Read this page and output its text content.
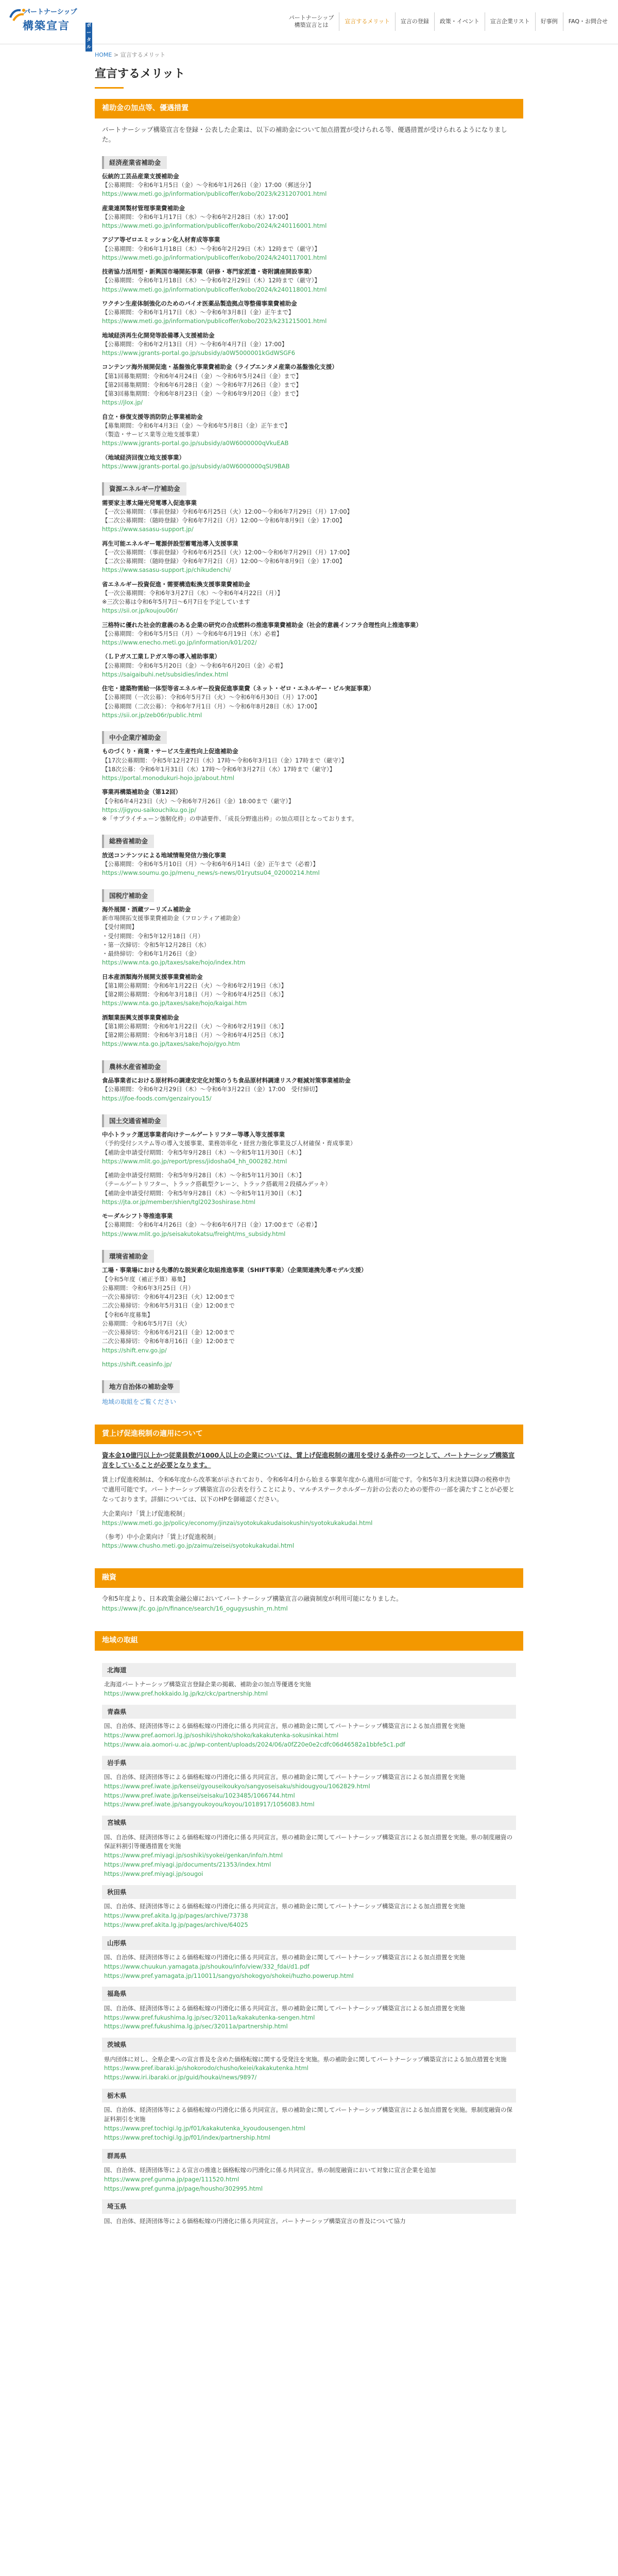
パートナーシップ
構築宣言	ポータル
パートナーシップ
構築宣言とは
宣言するメリット	宣言の登録	政策・イベント	宣言企業リスト	好事例	FAQ・お問合せ
HOME > 宣言するメリット
宣言するメリット
補助金の加点等、優遇措置

パートナーシップ構築宣言を登録・公表した企業は、以下の補助金について加点措置が受けられる等、優遇措置が受けられるようになりました。

経済産業省補助金
伝統的工芸品産業支援補助金
【公募期間：令和6年1月5日（金）～令和6年1月26日（金）17:00（郵送分）】
https://www.meti.go.jp/information/publicoffer/kobo/2023/k231207001.html
産業連関製材管理事業費補助金
【公募期間：令和6年1月17日（水）～令和6年2月28日（水）17:00】
https://www.meti.go.jp/information/publicoffer/kobo/2024/k240116001.html
アジア等ゼロエミッション化人材育成等事業
【公募期間：令和6年1月18日（木）～令和6年2月29日（木）12時まで（厳守）】
https://www.meti.go.jp/information/publicoffer/kobo/2024/k240117001.html
技術協力活用型・新興国市場開拓事業（研修・専門家派遣・寄附講座開設事業）
【公募期間：令和6年1月18日（木）～令和6年2月29日（木）12時まで（厳守）】
https://www.meti.go.jp/information/publicoffer/kobo/2024/k240118001.html
ワクチン生産体制強化のためのバイオ医薬品製造拠点等整備事業費補助金
【公募期間：令和6年1月17日（水）～令和6年3月8日（金）正午まで】
https://www.meti.go.jp/information/publicoffer/kobo/2023/k231215001.html
地域経済再生化開発等設備導入支援補助金
【公募期間：令和6年2月13日（月）～令和6年4月7日（金）17:00】
https://www.jgrants-portal.go.jp/subsidy/a0W5000001kGdWSGF6
コンテンツ海外展開促進・基盤強化事業費補助金（ライブエンタメ産業の基盤強化支援）
【第1回募集期間：令和6年4月24日（金）～令和6年5月24日（金）まで】
【第2回募集期間：令和6年6月28日（金）～令和6年7月26日（金）まで】
【第3回募集期間：令和6年8月23日（金）～令和6年9月20日（金）まで】
https://jlox.jp/
自立・修復支援等消防防止事業補助金
【募集期間：令和6年4月3日（金）～令和6年5月8日（金）正午まで】
（製造・サービス業等立地支援事業）
https://www.jgrants-portal.go.jp/subsidy/a0W6000000qVkuEAB
（地域経済回復立地支援事業）
https://www.jgrants-portal.go.jp/subsidy/a0W6000000qSU9BAB
資源エネルギー庁補助金
需要家主導太陽光発電導入促進事業
【一次公募期間：（事前登録）令和6年6月25日（火）12:00～令和6年7月29日（月）17:00】
【二次公募期間：（随時登録）令和6年7月2日（月）12:00～令和6年8月9日（金）17:00】
https://www.sasasu-support.jp/
再生可能エネルギー電源併設型蓄電池導入支援事業
【一次公募期間：（事前登録）令和6年6月25日（火）12:00～令和6年7月29日（月）17:00】
【二次公募期間：（随時登録）令和6年7月2日（月）12:00～令和6年8月9日（金）17:00】
https://www.sasasu-support.jp/chikudenchi/
省エネルギー投資促進・需要構造転換支援事業費補助金
【一次公募期間：令和6年3月27日（水）～令和6年4月22日（月）】
※三次公募は令和6年5月7日～6月7日を予定しています
https://sii.or.jp/koujou06r/
三格特に優れた社会的意義のある企業の研究の合成燃料の推進事業費補助金（社会的意義インフラ合理性向上推進事業）
【公募期間：令和6年5月5日（月）～令和6年6月19日（水）必着】
https://www.enecho.meti.go.jp/information/k01/202/
（ＬＰガス工業ＬＰガス等の導入補助事業）
【公募期間：令和6年5月20日（金）～令和6年6月20日（金）必着】
https://saigaibuhi.net/subsidies/index.html
住宅・建築物需給一体型等省エネルギー投資促進事業費（ネット・ゼロ・エネルギー・ビル実証事業）
【公募期間（一次公募）：令和6年5月7日（火）～令和6年6月30日（月）17:00】
【公募期間（二次公募）：令和6年7月1日（月）～令和6年8月28日（水）17:00】
https://sii.or.jp/zeb06r/public.html
中小企業庁補助金
ものづくり・商業・サービス生産性向上促進補助金
【17次公募期間：令和5年12月27日（水）17時～令和6年3月1日（金）17時まで（厳守）】
【18次公募：令和6年1月31日（水）17時～令和6年3月27日（水）17時まで（厳守）】
https://portal.monodukuri-hojo.jp/about.html
事業再構築補助金（第12回）
【令和6年4月23日（火）～令和6年7月26日（金）18:00まで（厳守）】
https://jigyou-saikouchiku.go.jp/
※「サプライチェーン強靭化枠」の申請要件、「成長分野進出枠」の加点項目となっております。
総務省補助金
放送コンテンツによる地域情報発信力強化事業
【公募期間：令和6年5月10日（月）～令和6年6月14日（金）正午まで（必着）】
https://www.soumu.go.jp/menu_news/s-news/01ryutsu04_02000214.html
国税庁補助金
海外展開・酒蔵ツーリズム補助金
新市場開拓支援事業費補助金（フロンティア補助金）
【受付期間】
・受付期間：令和5年12月18日（月）
・第一次締切：令和5年12月28日（水）
・最終締切：令和6年1月26日（金）
https://www.nta.go.jp/taxes/sake/hojo/index.htm
日本産酒類海外展開支援事業費補助金
【第1期公募期間：令和6年1月22日（火）～令和6年2月19日（水）】
【第2期公募期間：令和6年3月18日（月）～令和6年4月25日（水）】
https://www.nta.go.jp/taxes/sake/hojo/kaigai.htm
酒類業振興支援事業費補助金
【第1期公募期間：令和6年1月22日（火）～令和6年2月19日（水）】
【第2期公募期間：令和6年3月18日（月）～令和6年4月25日（水）】
https://www.nta.go.jp/taxes/sake/hojo/gyo.htm
農林水産省補助金
食品事業者における原材料の調達安定化対策のうち食品原材料調達リスク軽減対策事業補助金
【公募期間：令和6年2月29日（木）～令和6年3月22日（金）17:00　受付締切】
https://jfoe-foods.com/genzairyou15/
国土交通省補助金
中小トラック運送事業者向けテールゲートリフター等導入等支援事業
（予約受付システム等の導入支援事業、業務効率化・経営力強化事業及び人材確保・育成事業）
【補助金申請受付期間：令和5年9月28日（木）～令和5年11月30日（木）】
https://www.mlit.go.jp/report/press/jidosha04_hh_000282.html
【補助金申請受付期間：令和5年9月28日（木）～令和5年11月30日（木）】
（テールゲートリフター、トラック搭載型クレーン、トラック搭載用２段積みデッキ）
【補助金申請受付期間：令和5年9月28日（木）～令和5年11月30日（木）】
https://jta.or.jp/member/shien/tgl2023oshirase.html
モーダルシフト等推進事業
【公募期間：令和6年4月26日（金）～令和6年6月7日（金）17:00まで（必着）】
https://www.mlit.go.jp/seisakutokatsu/freight/ms_subsidy.html
環境省補助金
工場・事業場における先導的な脱炭素化取組推進事業（SHIFT事業）（企業間連携先導モデル支援）
【令和5年度（補正予算）募集】
公募期間：令和6年3月25日（月）
一次公募締切：令和6年4月23日（火）12:00まで
二次公募締切：令和6年5月31日（金）12:00まで
【令和6年度募集】
公募期間：令和6年5月7日（火）
一次公募締切：令和6年6月21日（金）12:00まで
二次公募締切：令和6年8月16日（金）12:00まで
https://shift.env.go.jp/
https://shift.ceasinfo.jp/
地方自治体の補助金等
地域の取組をご覧ください
賃上げ促進税制の適用について

資本金10億円以上かつ従業員数が1000人以上の企業については、賃上げ促進税制の適用を受ける条件の一つとして、パートナーシップ構築宣言をしていることが必要となります。

賃上げ促進税制は、令和6年度から改革案が示されており、令和6年4月から始まる事業年度から適用が可能です。令和5年3月末決算以降の税務申告で適用可能です。パートナーシップ構築宣言の公表を行うことにより、マルチステークホルダー方針の公表のための要件の一部を満たすことが必要となっております。詳細については、以下のHPを御確認ください。

大企業向け「賃上げ促進税制」
https://www.meti.go.jp/policy/economy/jinzai/syotokukakudaisokushin/syotokukakudai.html
（参考）中小企業向け「賃上げ促進税制」
https://www.chusho.meti.go.jp/zaimu/zeisei/syotokukakudai.html
融資

令和5年度より、日本政策金融公庫においてパートナーシップ構築宣言の融資制度が利用可能になりました。

https://www.jfc.go.jp/n/finance/search/16_ogugysushin_m.html
地域の取組
北海道
北海道パートナーシップ構築宣言登録企業の掲載、補助金の加点等優遇を実施
https://www.pref.hokkaido.lg.jp/kz/ckc/partnership.html
青森県
国、自治体、経済団体等による価格転嫁の円滑化に係る共同宣言。県の補助金に関してパートナーシップ構築宣言による加点措置を実施
https://www.pref.aomori.lg.jp/soshiki/shoko/shoko/kakakutenka-sokusinkai.html
https://www.aia.aomori-u.ac.jp/wp-content/uploads/2024/06/a0fZ20e0e2cdfc06d46582a1bbfe5c1.pdf
岩手県
国、自治体、経済団体等による価格転嫁の円滑化に係る共同宣言。県の補助金に関してパートナーシップ構築宣言による加点措置を実施
https://www.pref.iwate.jp/kensei/gyouseikoukyo/sangyoseisaku/shidougyou/1062829.html
https://www.pref.iwate.jp/kensei/seisaku/1023485/1066744.html
https://www.pref.iwate.jp/sangyoukoyou/koyou/1018917/1056083.html
宮城県
国、自治体、経済団体等による価格転嫁の円滑化に係る共同宣言。県の補助金に関してパートナーシップ構築宣言による加点措置を実施。県の制度融資の保証料割引等優遇措置を実施
https://www.pref.miyagi.jp/soshiki/syokei/genkan/info/n.html
https://www.pref.miyagi.jp/documents/21353/index.html
https://www.pref.miyagi.jp/sougoi
秋田県
国、自治体、経済団体等による価格転嫁の円滑化に係る共同宣言。県の補助金に関してパートナーシップ構築宣言による加点措置を実施
https://www.pref.akita.lg.jp/pages/archive/73738
https://www.pref.akita.lg.jp/pages/archive/64025
山形県
国、自治体、経済団体等による価格転嫁の円滑化に係る共同宣言。県の補助金に関してパートナーシップ構築宣言による加点措置を実施
https://www.chuukun.yamagata.jp/shoukou/info/view/332_fdai/d1.pdf
https://www.pref.yamagata.jp/110011/sangyo/shokogyo/shokei/huzho.powerup.html
福島県
国、自治体、経済団体等による価格転嫁の円滑化に係る共同宣言。県の補助金に関してパートナーシップ構築宣言による加点措置を実施
https://www.pref.fukushima.lg.jp/sec/32011a/kakakutenka-sengen.html
https://www.pref.fukushima.lg.jp/sec/32011a/partnership.html
茨城県
県内団体に対し、全県企業への宣言普及を含めた価格転嫁に関する受発注を実施。県の補助金に関してパートナーシップ構築宣言による加点措置を実施
https://www.pref.ibaraki.jp/shokorodo/chusho/keiei/kakakutenka.html
https://www.iri.ibaraki.or.jp/guid/houkai/news/9897/
栃木県
国、自治体、経済団体等による価格転嫁の円滑化に係る共同宣言。県の補助金に関してパートナーシップ構築宣言による加点措置を実施。県制度融資の保証料割引を実施
https://www.pref.tochigi.lg.jp/f01/kakakutenka_kyoudousengen.html
https://www.pref.tochigi.lg.jp/f01/index/partnership.html
群馬県
国、自治体、経済団体等による宣言の推進と価格転嫁の円滑化に係る共同宣言。県の制度融資において対象に宣言企業を追加
https://www.pref.gunma.jp/page/111520.html
https://www.pref.gunma.jp/page/housho/302995.html
埼玉県
国、自治体、経済団体等による価格転嫁の円滑化に係る共同宣言。パートナーシップ構築宣言の普及について協力
